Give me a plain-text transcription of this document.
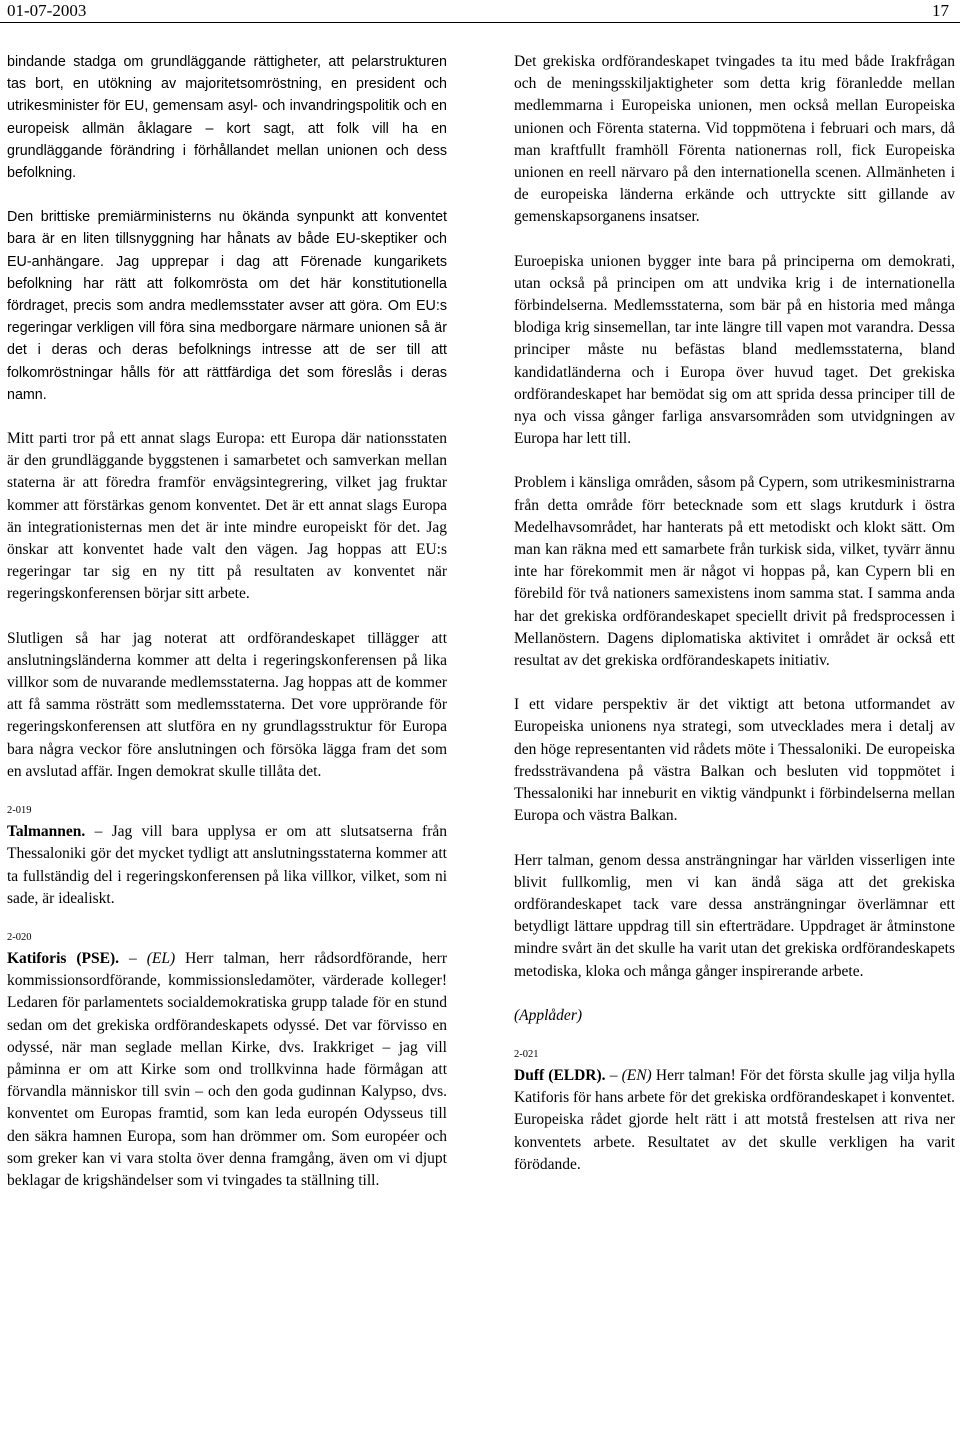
01-07-2003	17

bindande stadga om grundläggande rättigheter, att pelarstrukturen tas bort, en utökning av majoritetsomröstning, en president och utrikesminister för EU, gemensam asyl- och invandringspolitik och en europeisk allmän åklagare – kort sagt, att folk vill ha en grundläggande förändring i förhållandet mellan unionen och dess befolkning.

Den brittiske premiärministerns nu ökända synpunkt att konventet bara är en liten tillsnyggning har hånats av både EU-skeptiker och EU-anhängare. Jag upprepar i dag att Förenade kungarikets befolkning har rätt att folkomrösta om det här konstitutionella fördraget, precis som andra medlemsstater avser att göra. Om EU:s regeringar verkligen vill föra sina medborgare närmare unionen så är det i deras och deras befolknings intresse att de ser till att folkomröstningar hålls för att rättfärdiga det som föreslås i deras namn.

Mitt parti tror på ett annat slags Europa: ett Europa där nationsstaten är den grundläggande byggstenen i samarbetet och samverkan mellan staterna är att föredra framför envägsintegrering, vilket jag fruktar kommer att förstärkas genom konventet. Det är ett annat slags Europa än integrationisternas men det är inte mindre europeiskt för det. Jag önskar att konventet hade valt den vägen. Jag hoppas att EU:s regeringar tar sig en ny titt på resultaten av konventet när regeringskonferensen börjar sitt arbete.

Slutligen så har jag noterat att ordförandeskapet tillägger att anslutningsländerna kommer att delta i regeringskonferensen på lika villkor som de nuvarande medlemsstaterna. Jag hoppas att de kommer att få samma rösträtt som medlemsstaterna. Det vore upprörande för regeringskonferensen att slutföra en ny grundlagsstruktur för Europa bara några veckor före anslutningen och försöka lägga fram det som en avslutad affär. Ingen demokrat skulle tillåta det.

2-019

Talmannen. – Jag vill bara upplysa er om att slutsatserna från Thessaloniki gör det mycket tydligt att anslutningsstaterna kommer att ta fullständig del i regeringskonferensen på lika villkor, vilket, som ni sade, är idealiskt.

2-020

Katiforis (PSE). – (EL) Herr talman, herr rådsordförande, herr kommissionsordförande, kommissionsledamöter, värderade kolleger! Ledaren för parlamentets socialdemokratiska grupp talade för en stund sedan om det grekiska ordförandeskapets odyssé. Det var förvisso en odyssé, när man seglade mellan Kirke, dvs. Irakkriget – jag vill påminna er om att Kirke som ond trollkvinna hade förmågan att förvandla människor till svin – och den goda gudinnan Kalypso, dvs. konventet om Europas framtid, som kan leda europén Odysseus till den säkra hamnen Europa, som han drömmer om. Som européer och som greker kan vi vara stolta över denna framgång, även om vi djupt beklagar de krigshändelser som vi tvingades ta ställning till.

Det grekiska ordförandeskapet tvingades ta itu med både Irakfrågan och de meningsskiljaktigheter som detta krig föranledde mellan medlemmarna i Europeiska unionen, men också mellan Europeiska unionen och Förenta staterna. Vid toppmötena i februari och mars, då man kraftfullt framhöll Förenta nationernas roll, fick Europeiska unionen en reell närvaro på den internationella scenen. Allmänheten i de europeiska länderna erkände och uttryckte sitt gillande av gemenskapsorganens insatser.

Euroepiska unionen bygger inte bara på principerna om demokrati, utan också på principen om att undvika krig i de internationella förbindelserna. Medlemsstaterna, som bär på en historia med många blodiga krig sinsemellan, tar inte längre till vapen mot varandra. Dessa principer måste nu befästas bland medlemsstaterna, bland kandidatländerna och i Europa över huvud taget. Det grekiska ordförandeskapet har bemödat sig om att sprida dessa principer till de nya och vissa gånger farliga ansvarsområden som utvidgningen av Europa har lett till.

Problem i känsliga områden, såsom på Cypern, som utrikesministrarna från detta område förr betecknade som ett slags krutdurk i östra Medelhavsområdet, har hanterats på ett metodiskt och klokt sätt. Om man kan räkna med ett samarbete från turkisk sida, vilket, tyvärr ännu inte har förekommit men är något vi hoppas på, kan Cypern bli en förebild för två nationers samexistens inom samma stat. I samma anda har det grekiska ordförandeskapet speciellt drivit på fredsprocessen i Mellanöstern. Dagens diplomatiska aktivitet i området är också ett resultat av det grekiska ordförandeskapets initiativ.

I ett vidare perspektiv är det viktigt att betona utformandet av Europeiska unionens nya strategi, som utvecklades mera i detalj av den höge representanten vid rådets möte i Thessaloniki. De europeiska fredssträvandena på västra Balkan och besluten vid toppmötet i Thessaloniki har inneburit en viktig vändpunkt i förbindelserna mellan Europa och västra Balkan.

Herr talman, genom dessa ansträngningar har världen visserligen inte blivit fullkomlig, men vi kan ändå säga att det grekiska ordförandeskapet tack vare dessa ansträngningar överlämnar ett betydligt lättare uppdrag till sin efterträdare. Uppdraget är åtminstone mindre svårt än det skulle ha varit utan det grekiska ordförandeskapets metodiska, kloka och många gånger inspirerande arbete.

(Applåder)

2-021

Duff (ELDR). – (EN) Herr talman! För det första skulle jag vilja hylla Katiforis för hans arbete för det grekiska ordförandeskapet i konventet. Europeiska rådet gjorde helt rätt i att motstå frestelsen att riva ner konventets arbete. Resultatet av det skulle verkligen ha varit förödande.
